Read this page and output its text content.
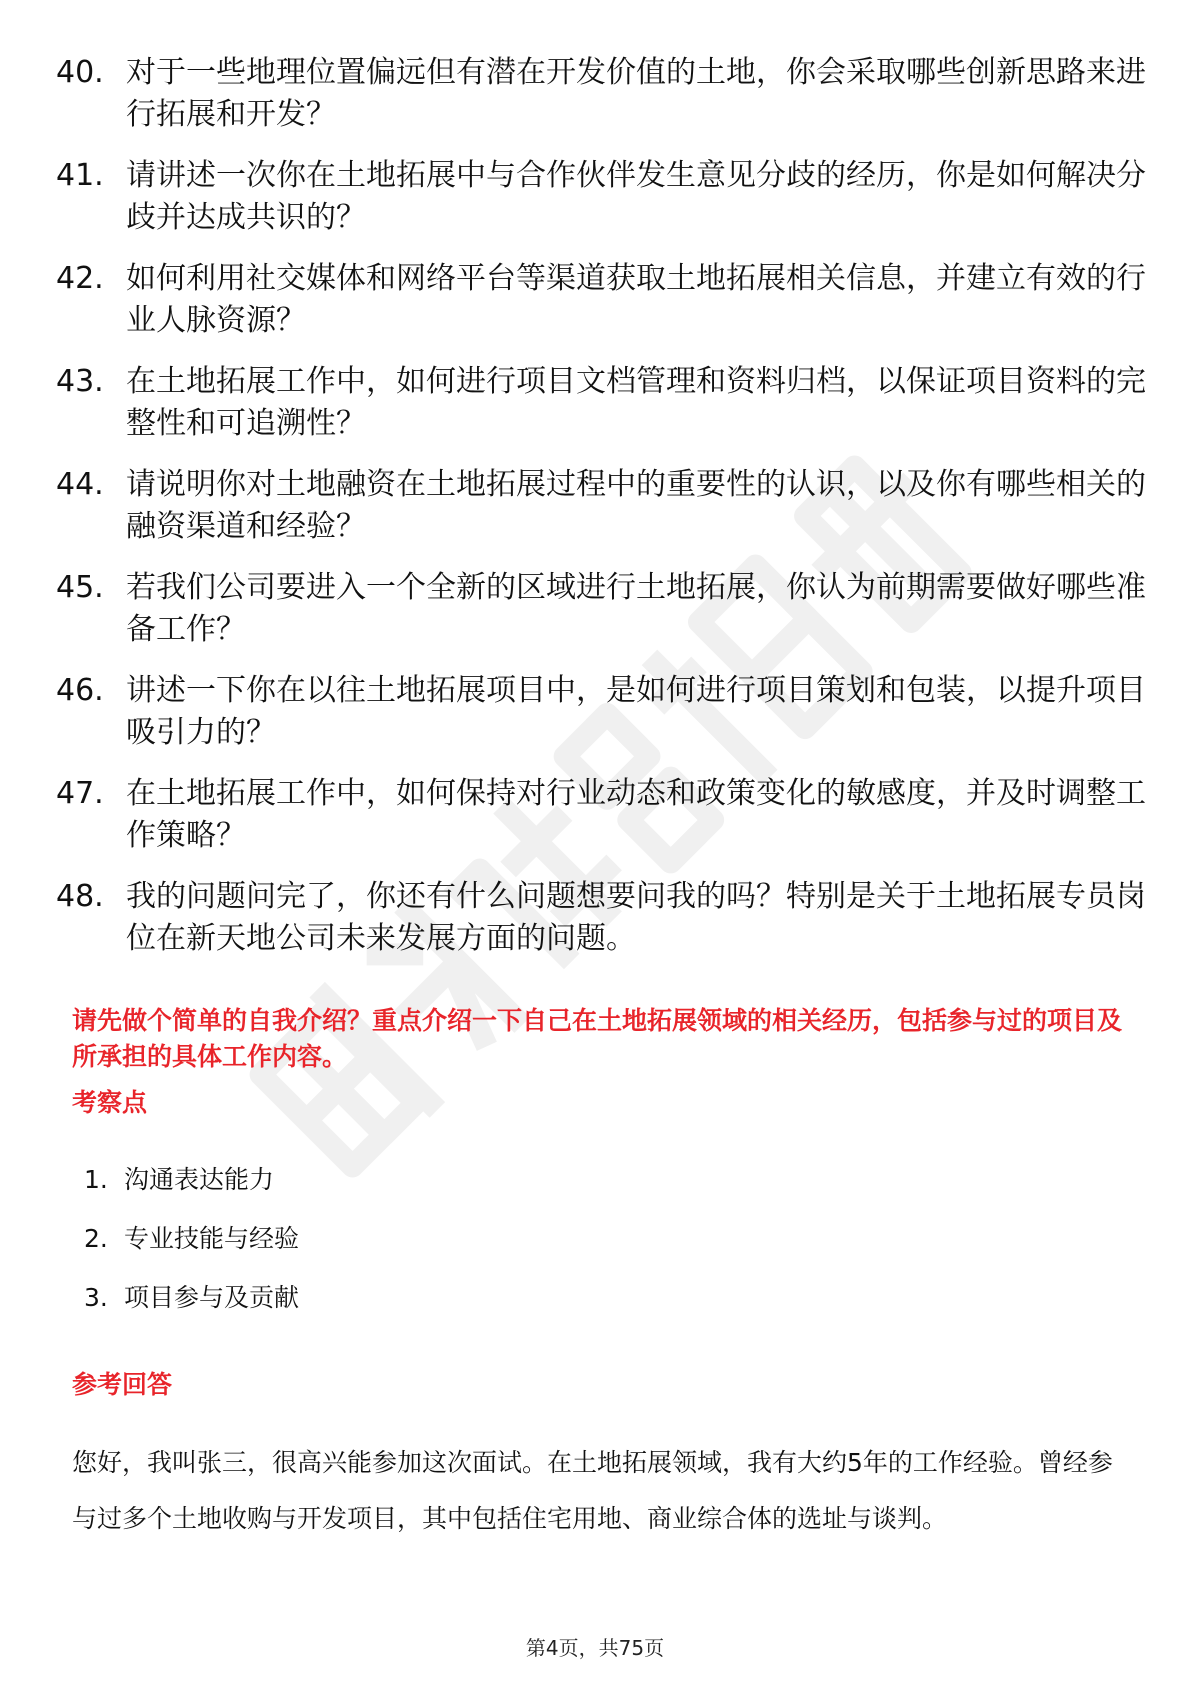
40. 对于一些地理位置偏远但有潜在开发价值的土地，你会采取哪些创新思路来进行拓展和开发？
41. 请讲述一次你在土地拓展中与合作伙伴发生意见分歧的经历，你是如何解决分歧并达成共识的？
42. 如何利用社交媒体和网络平台等渠道获取土地拓展相关信息，并建立有效的行业人脉资源？
43. 在土地拓展工作中，如何进行项目文档管理和资料归档，以保证项目资料的完整性和可追溯性？
44. 请说明你对土地融资在土地拓展过程中的重要性的认识，以及你有哪些相关的融资渠道和经验？
45. 若我们公司要进入一个全新的区域进行土地拓展，你认为前期需要做好哪些准备工作？
46. 讲述一下你在以往土地拓展项目中，是如何进行项目策划和包装，以提升项目吸引力的？
47. 在土地拓展工作中，如何保持对行业动态和政策变化的敏感度，并及时调整工作策略？
48. 我的问题问完了，你还有什么问题想要问我的吗？特别是关于土地拓展专员岗位在新天地公司未来发展方面的问题。

请先做个简单的自我介绍？重点介绍一下自己在土地拓展领域的相关经历，包括参与过的项目及所承担的具体工作内容。

考察点
1. 沟通表达能力
2. 专业技能与经验
3. 项目参与及贡献
参考回答

您好，我叫张三，很高兴能参加这次面试。在土地拓展领域，我有大约5年的工作经验。曾经参与过多个土地收购与开发项目，其中包括住宅用地、商业综合体的选址与谈判。

第4页，共75页
